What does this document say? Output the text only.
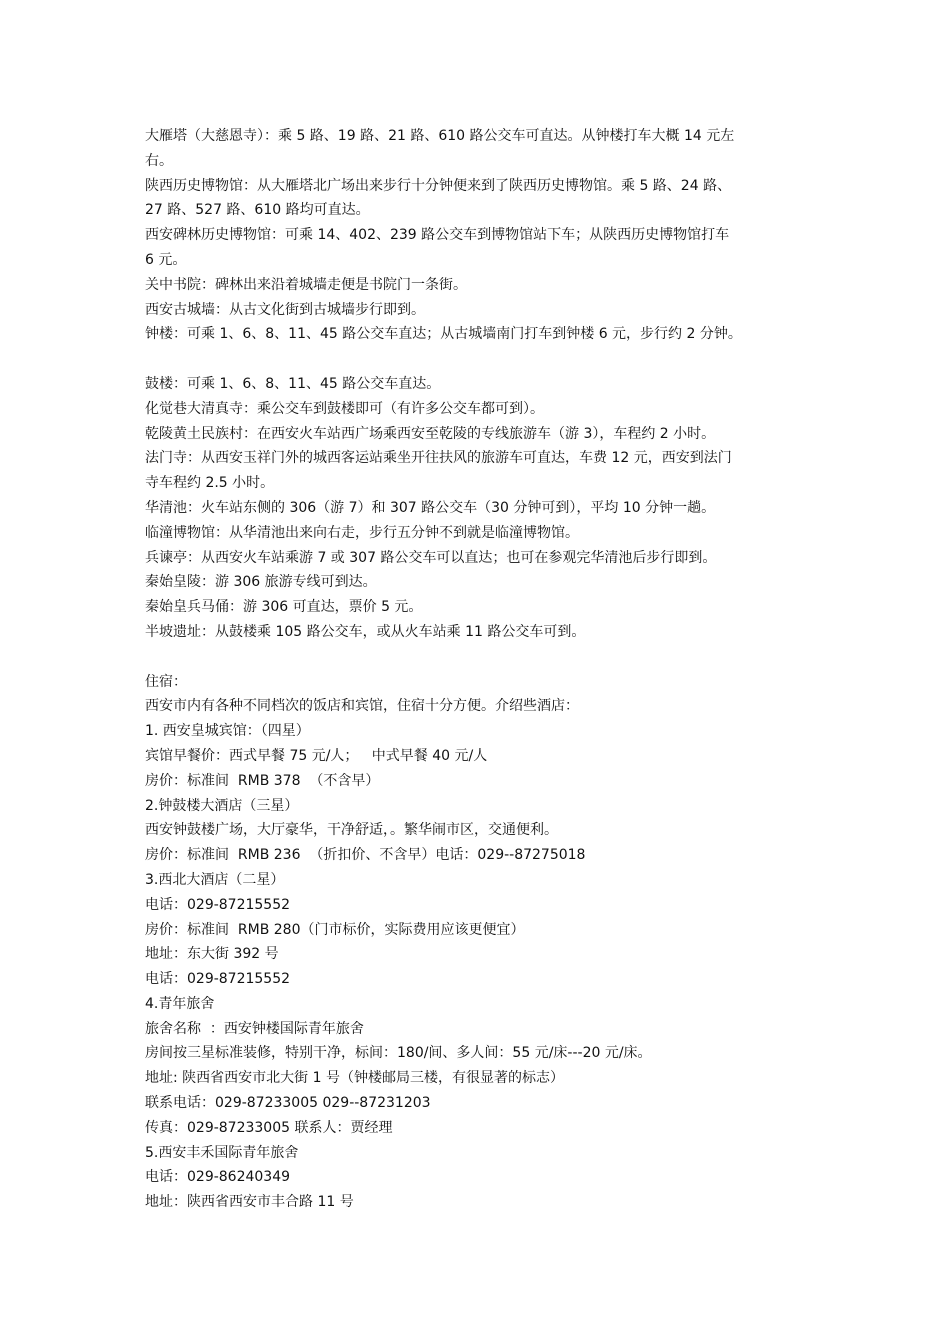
大雁塔（大慈恩寺）：乘 5 路、19 路、21 路、610 路公交车可直达。从钟楼打车大概 14 元左

右。

陕西历史博物馆：从大雁塔北广场出来步行十分钟便来到了陕西历史博物馆。乘 5 路、24 路、

27 路、527 路、610 路均可直达。

西安碑林历史博物馆：可乘 14、402、239 路公交车到博物馆站下车；从陕西历史博物馆打车

6 元。

关中书院：碑林出来沿着城墙走便是书院门一条街。

西安古城墙：从古文化街到古城墙步行即到。

钟楼：可乘 1、6、8、11、45 路公交车直达；从古城墙南门打车到钟楼 6 元，步行约 2 分钟。

鼓楼：可乘 1、6、8、11、45 路公交车直达。

化觉巷大清真寺：乘公交车到鼓楼即可（有许多公交车都可到）。

乾陵黄土民族村：在西安火车站西广场乘西安至乾陵的专线旅游车（游 3），车程约 2 小时。

法门寺：从西安玉祥门外的城西客运站乘坐开往扶风的旅游车可直达，车费 12 元，西安到法门

寺车程约 2.5 小时。

华清池：火车站东侧的 306（游 7）和 307 路公交车（30 分钟可到），平均 10 分钟一趟。

临潼博物馆：从华清池出来向右走，步行五分钟不到就是临潼博物馆。

兵谏亭：从西安火车站乘游 7 或 307 路公交车可以直达；也可在参观完华清池后步行即到。

秦始皇陵：游 306 旅游专线可到达。

秦始皇兵马俑：游 306 可直达，票价 5 元。

半坡遗址：从鼓楼乘 105 路公交车，或从火车站乘 11 路公交车可到。

住宿：

西安市内有各种不同档次的饭店和宾馆，住宿十分方便。介绍些酒店：

1. 西安皇城宾馆：（四星）

宾馆早餐价：西式早餐 75 元/人；   中式早餐 40 元/人

房价：标准间  RMB 378  （不含早）

2.钟鼓楼大酒店（三星）

西安钟鼓楼广场，大厅豪华，干净舒适，。繁华闹市区，交通便利。

房价：标准间  RMB 236  （折扣价、不含早）电话：029--87275018

3.西北大酒店（二星）

电话：029-87215552

房价：标准间  RMB 280（门市标价，实际费用应该更便宜）

地址：东大街 392 号

电话：029-87215552

4.青年旅舍

旅舍名称  ：西安钟楼国际青年旅舍

房间按三星标准装修，特别干净，标间：180/间、多人间：55 元/床---20 元/床。

地址: 陕西省西安市北大街 1 号（钟楼邮局三楼，有很显著的标志）

联系电话：029-87233005 029--87231203

传真：029-87233005 联系人：贾经理

5.西安丰禾国际青年旅舍

电话：029-86240349

地址：陕西省西安市丰合路 11 号
